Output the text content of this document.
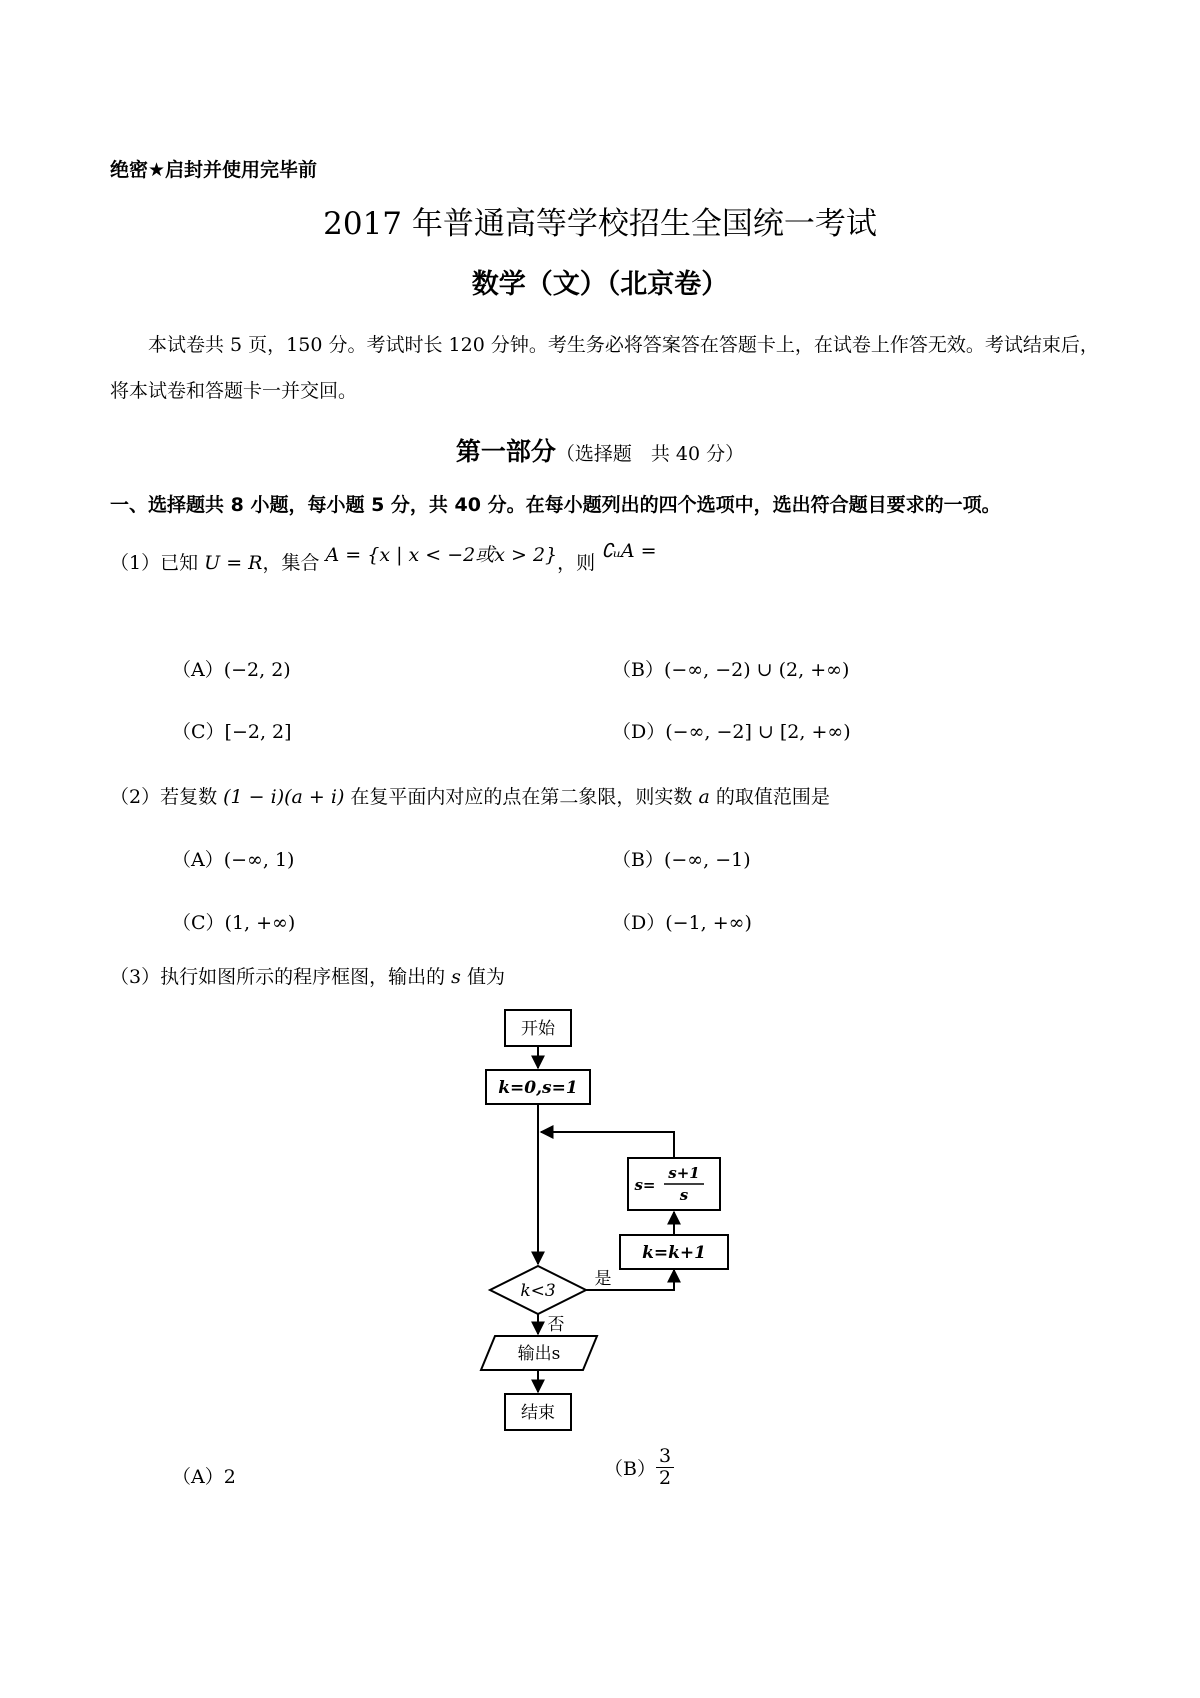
绝密★启封并使用完毕前
2017 年普通高等学校招生全国统一考试
数学（文）（北京卷）
本试卷共 5 页，150 分。考试时长 120 分钟。考生务必将答案答在答题卡上，在试卷上作答无效。考试结束后，将本试卷和答题卡一并交回。
第一部分（选择题　共 40 分）
一、选择题共 8 小题，每小题 5 分，共 40 分。在每小题列出的四个选项中，选出符合题目要求的一项。
（1）已知 U = R，集合 A = {x | x < −2或x > 2}，则 ∁ᵤA =
（A）(−2, 2)	（B）(−∞, −2) ∪ (2, +∞)
（C）[−2, 2]	（D）(−∞, −2] ∪ [2, +∞)
（2）若复数 (1 − i)(a + i) 在复平面内对应的点在第二象限，则实数 a 的取值范围是
（A）(−∞, 1)	（B）(−∞, −1)
（C）(1, +∞)	（D）(−1, +∞)
（3）执行如图所示的程序框图，输出的 s 值为
开始
k=0,s=1
s=
s+1
s
k=k+1
k<3
是
否
输出s
结束
（A）2	$(B) \frac{3}{2}$
